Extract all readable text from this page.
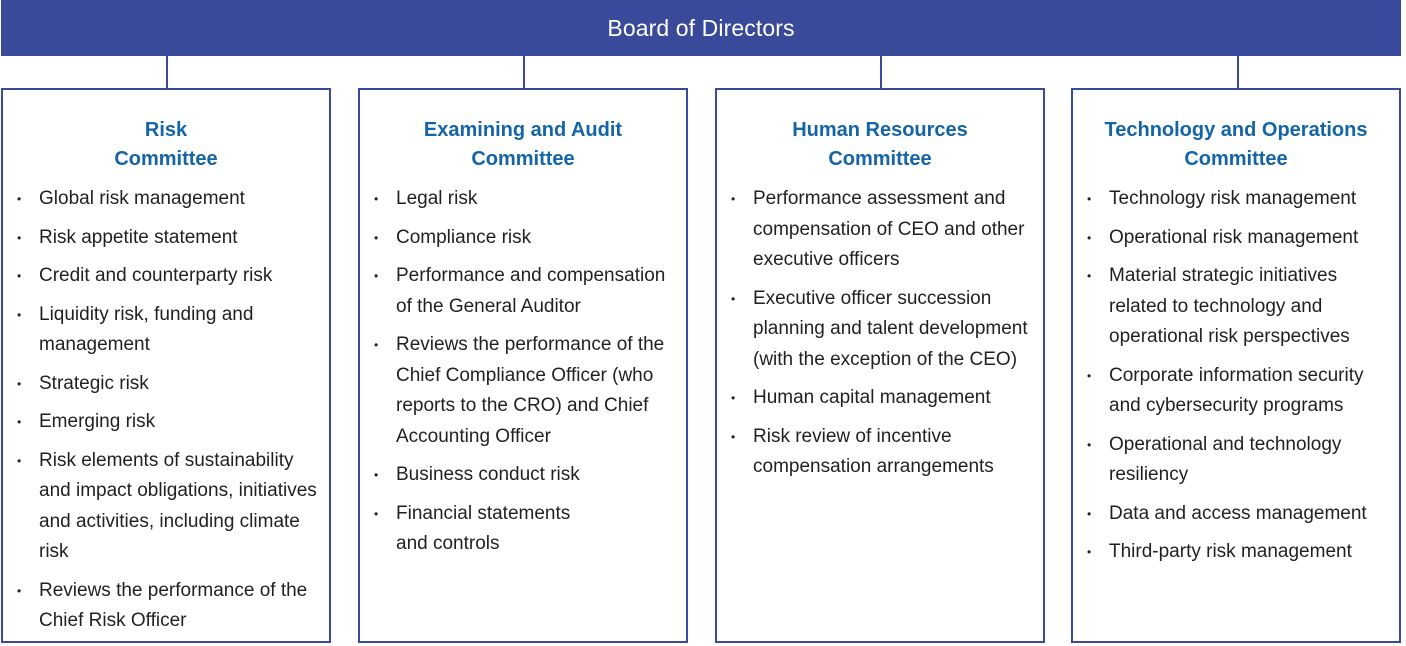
Board of Directors
Risk
Committee
• Global risk management
• Risk appetite statement
• Credit and counterparty risk
• Liquidity risk, funding and management
• Strategic risk
• Emerging risk
• Risk elements of sustainability and impact obligations, initiatives and activities, including climate risk
• Reviews the performance of the Chief Risk Officer
Examining and Audit
Committee
• Legal risk
• Compliance risk
• Performance and compensation of the General Auditor
• Reviews the performance of the Chief Compliance Officer (who reports to the CRO) and Chief Accounting Officer
• Business conduct risk
• Financial statements
and controls
Human Resources
Committee
• Performance assessment and compensation of CEO and other executive officers
• Executive officer succession planning and talent development (with the exception of the CEO)
• Human capital management
• Risk review of incentive compensation arrangements
Technology and Operations
Committee
• Technology risk management
• Operational risk management
• Material strategic initiatives related to technology and operational risk perspectives
• Corporate information security and cybersecurity programs
• Operational and technology resiliency
• Data and access management
• Third-party risk management
